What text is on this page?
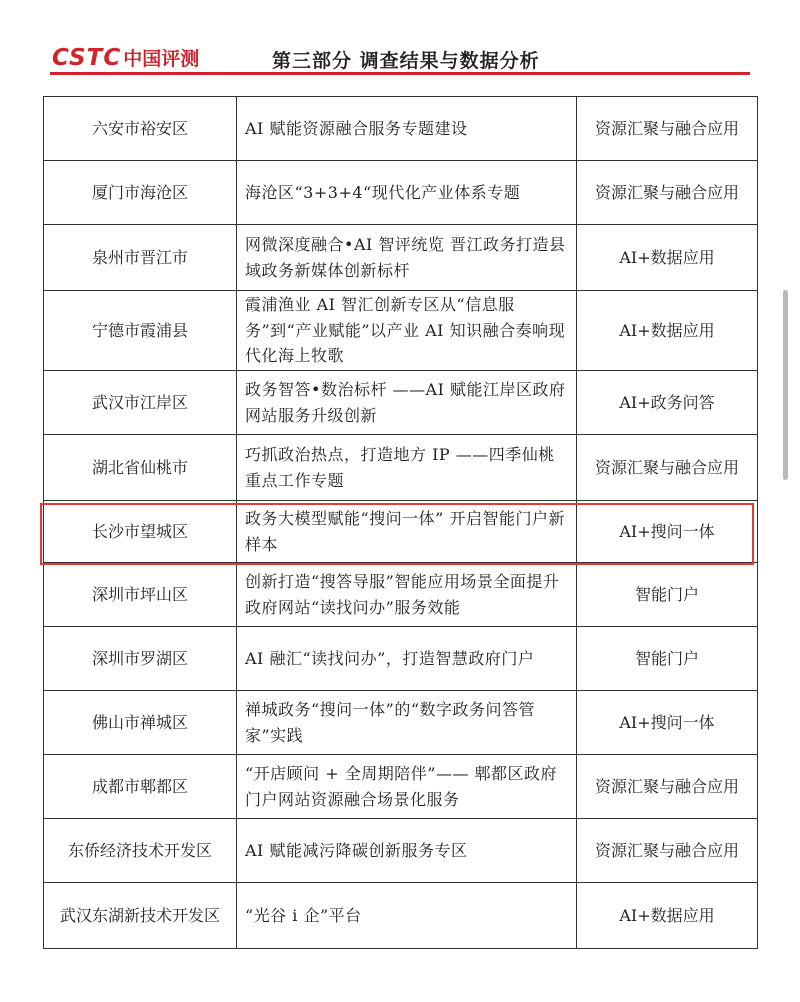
CSTC 中国评测	第三部分 调查结果与数据分析
六安市裕安区	AI 赋能资源融合服务专题建设	资源汇聚与融合应用
厦门市海沧区	海沧区“3+3+4“现代化产业体系专题	资源汇聚与融合应用
泉州市晋江市	网微深度融合•AI 智评统览 晋江政务打造县域政务新媒体创新标杆	AI+数据应用
宁德市霞浦县	霞浦渔业 AI 智汇创新专区从“信息服务”到“产业赋能”以产业 AI 知识融合奏响现代化海上牧歌	AI+数据应用
武汉市江岸区	政务智答•数治标杆 ——AI 赋能江岸区政府网站服务升级创新	AI+政务问答
湖北省仙桃市	巧抓政治热点，打造地方 IP ——四季仙桃重点工作专题	资源汇聚与融合应用
长沙市望城区	政务大模型赋能“搜问一体” 开启智能门户新样本	AI+搜问一体
深圳市坪山区	创新打造“搜答导服”智能应用场景全面提升政府网站“读找问办”服务效能	智能门户
深圳市罗湖区	AI 融汇“读找问办”，打造智慧政府门户	智能门户
佛山市禅城区	禅城政务“搜问一体”的“数字政务问答管家”实践	AI+搜问一体
成都市郫都区	“开店顾问 + 全周期陪伴”—— 郫都区政府门户网站资源融合场景化服务	资源汇聚与融合应用
东侨经济技术开发区	AI 赋能减污降碳创新服务专区	资源汇聚与融合应用
武汉东湖新技术开发区	“光谷 i 企”平台	AI+数据应用
